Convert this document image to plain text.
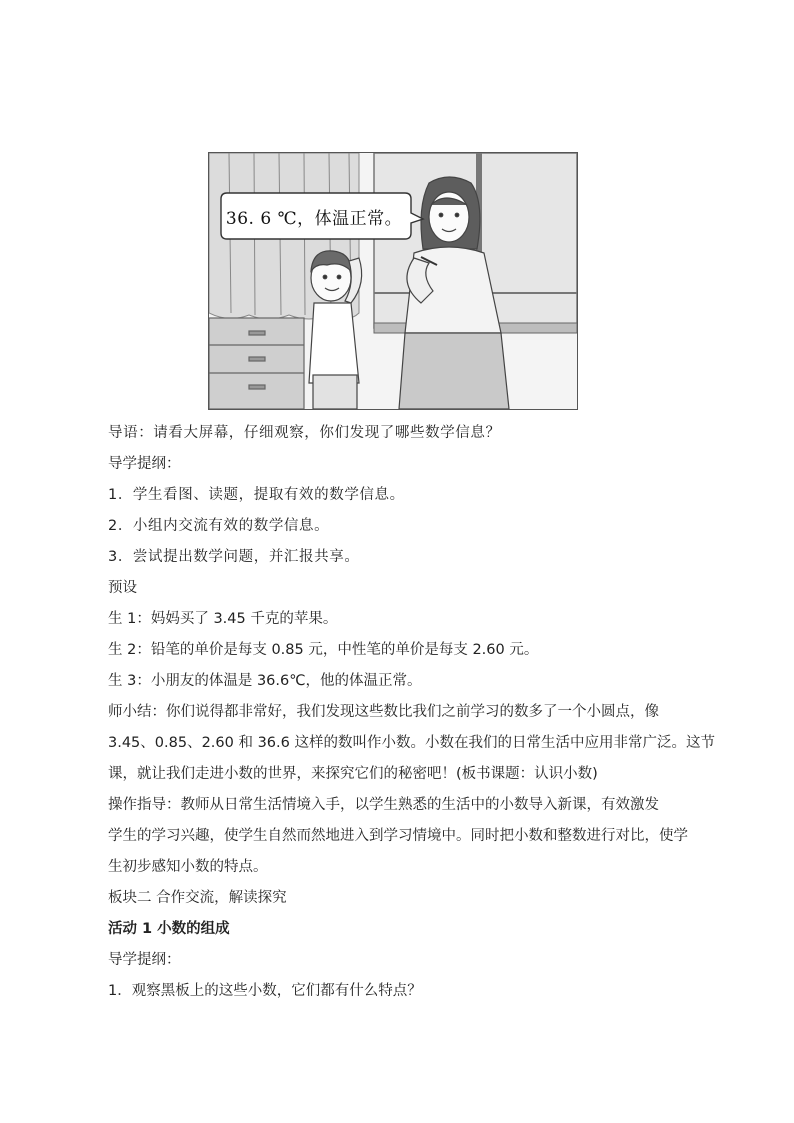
36. 6 ℃，体温正常。

导语：请看大屏幕，仔细观察，你们发现了哪些数学信息？

导学提纲：

1．学生看图、读题，提取有效的数学信息。

2．小组内交流有效的数学信息。

3．尝试提出数学问题，并汇报共享。

预设

生 1：妈妈买了 3.45 千克的苹果。

生 2：铅笔的单价是每支 0.85 元，中性笔的单价是每支 2.60 元。

生 3：小朋友的体温是 36.6℃，他的体温正常。

师小结：你们说得都非常好，我们发现这些数比我们之前学习的数多了一个小圆点，像

3.45、0.85、2.60 和 36.6 这样的数叫作小数。小数在我们的日常生活中应用非常广泛。这节

课，就让我们走进小数的世界，来探究它们的秘密吧！(板书课题：认识小数)

操作指导：教师从日常生活情境入手，以学生熟悉的生活中的小数导入新课，有效激发

学生的学习兴趣，使学生自然而然地进入到学习情境中。同时把小数和整数进行对比，使学

生初步感知小数的特点。

板块二 合作交流，解读探究

活动 1 小数的组成

导学提纲：

1．观察黑板上的这些小数，它们都有什么特点？
